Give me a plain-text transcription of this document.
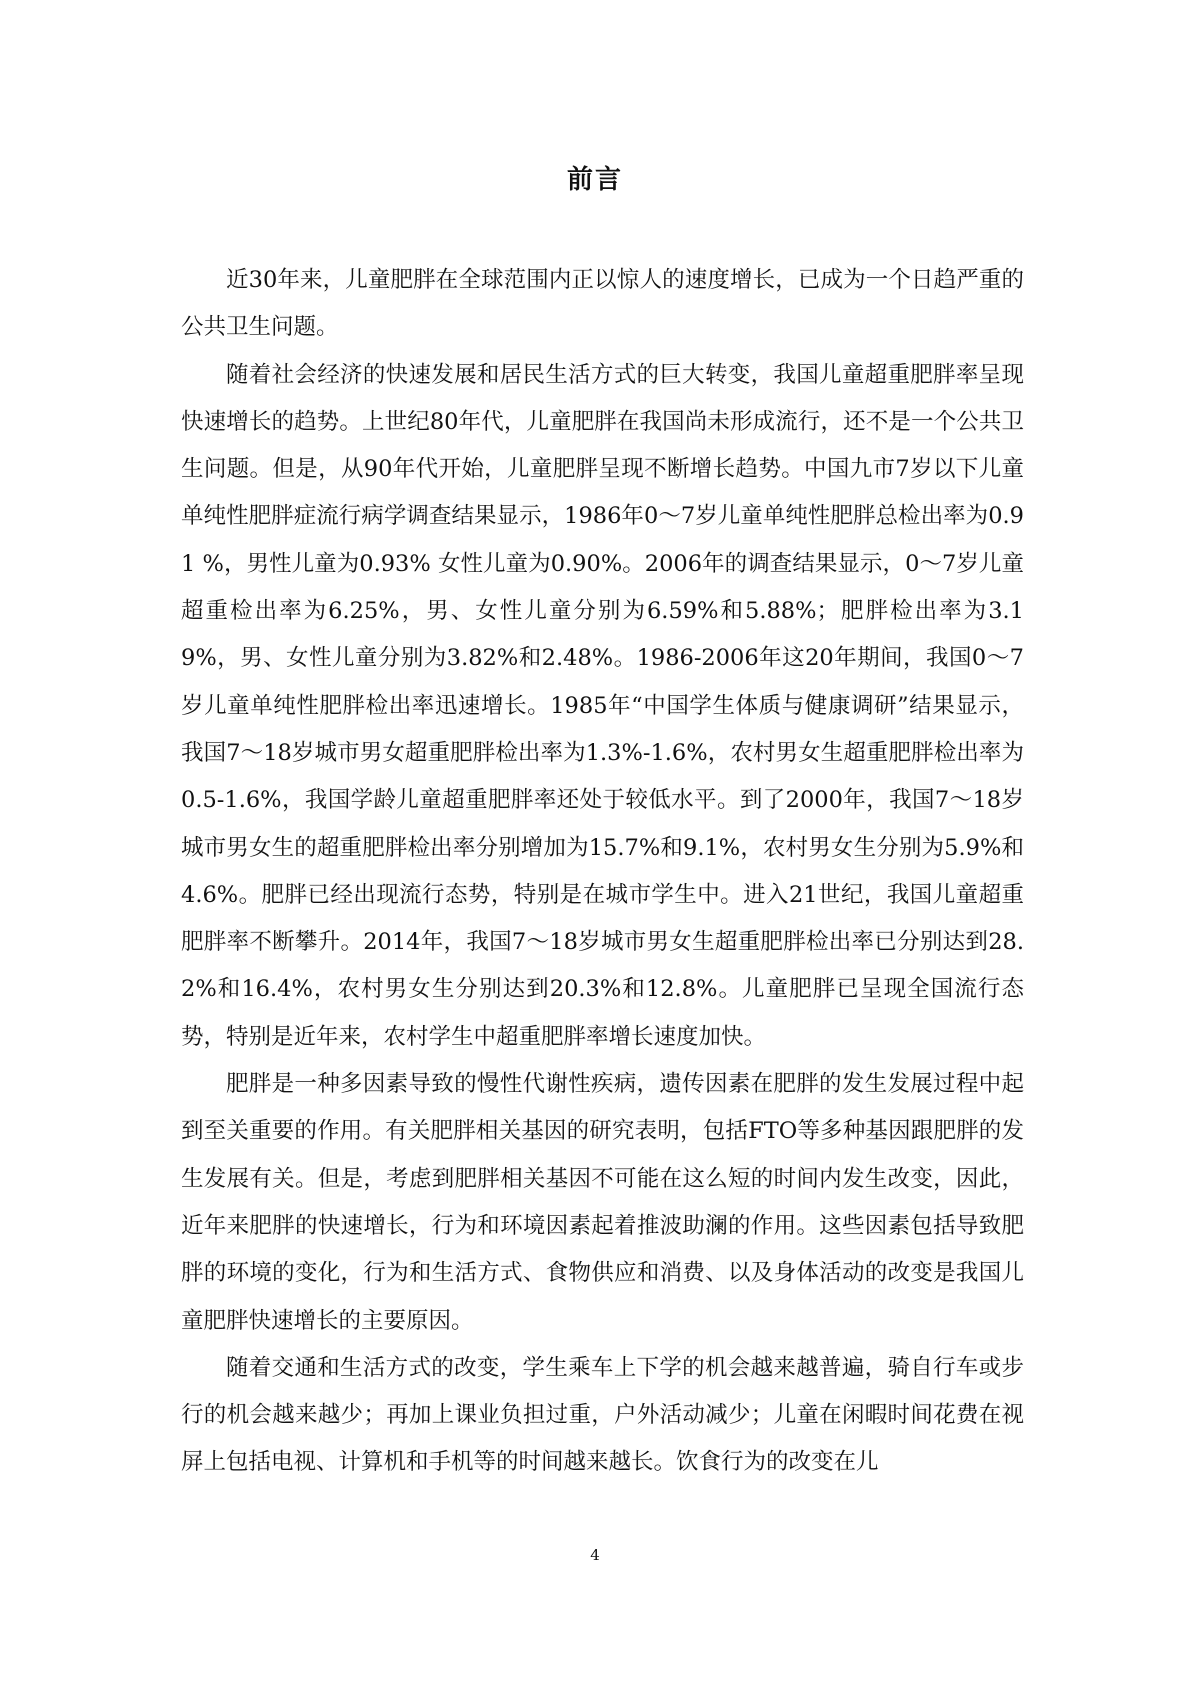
前言

近30年来，儿童肥胖在全球范围内正以惊人的速度增长，已成为一个日趋严重的公共卫生问题。

随着社会经济的快速发展和居民生活方式的巨大转变，我国儿童超重肥胖率呈现快速增长的趋势。上世纪80年代，儿童肥胖在我国尚未形成流行，还不是一个公共卫生问题。但是，从90年代开始，儿童肥胖呈现不断增长趋势。中国九市7岁以下儿童单纯性肥胖症流行病学调查结果显示，1986年0～7岁儿童单纯性肥胖总检出率为0.91 %，男性儿童为0.93% 女性儿童为0.90%。2006年的调查结果显示，0～7岁儿童超重检出率为6.25%，男、女性儿童分别为6.59%和5.88%；肥胖检出率为3.19%，男、女性儿童分别为3.82%和2.48%。1986-2006年这20年期间，我国0～7岁儿童单纯性肥胖检出率迅速增长。1985年“中国学生体质与健康调研”结果显示，我国7～18岁城市男女超重肥胖检出率为1.3%-1.6%，农村男女生超重肥胖检出率为0.5-1.6%，我国学龄儿童超重肥胖率还处于较低水平。到了2000年，我国7～18岁城市男女生的超重肥胖检出率分别增加为15.7%和9.1%，农村男女生分别为5.9%和4.6%。肥胖已经出现流行态势，特别是在城市学生中。进入21世纪，我国儿童超重肥胖率不断攀升。2014年，我国7～18岁城市男女生超重肥胖检出率已分别达到28.2%和16.4%，农村男女生分别达到20.3%和12.8%。儿童肥胖已呈现全国流行态势，特别是近年来，农村学生中超重肥胖率增长速度加快。

肥胖是一种多因素导致的慢性代谢性疾病，遗传因素在肥胖的发生发展过程中起到至关重要的作用。有关肥胖相关基因的研究表明，包括FTO等多种基因跟肥胖的发生发展有关。但是，考虑到肥胖相关基因不可能在这么短的时间内发生改变，因此，近年来肥胖的快速增长，行为和环境因素起着推波助澜的作用。这些因素包括导致肥胖的环境的变化，行为和生活方式、食物供应和消费、以及身体活动的改变是我国儿童肥胖快速增长的主要原因。

随着交通和生活方式的改变，学生乘车上下学的机会越来越普遍，骑自行车或步行的机会越来越少；再加上课业负担过重，户外活动减少；儿童在闲暇时间花费在视屏上包括电视、计算机和手机等的时间越来越长。饮食行为的改变在儿

4
